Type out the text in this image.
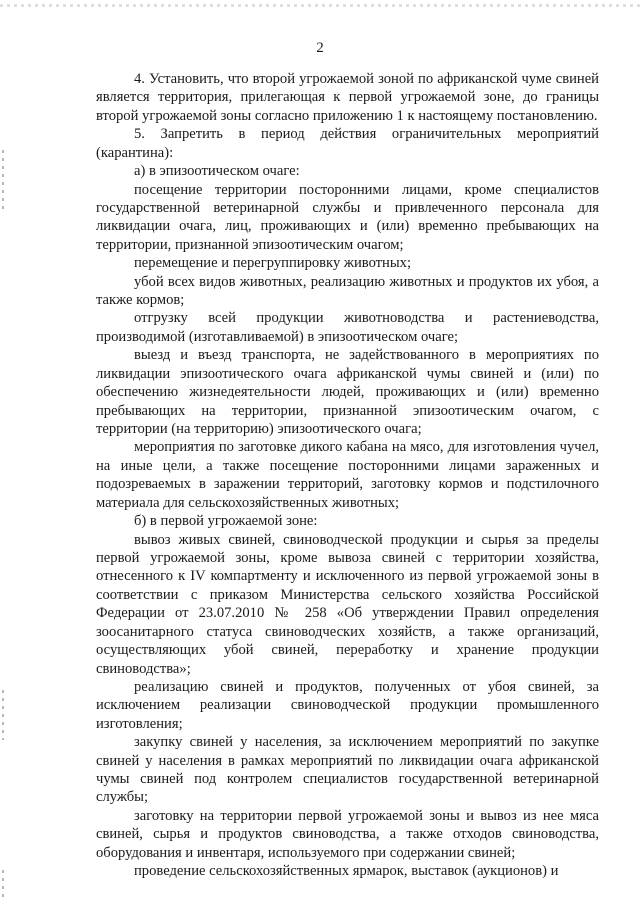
2

4. Установить, что второй угрожаемой зоной по африканской чуме свиней является территория, прилегающая к первой угрожаемой зоне, до границы второй угрожаемой зоны согласно приложению 1 к настоящему постановлению.

5. Запретить в период действия ограничительных мероприятий (карантина):

а) в эпизоотическом очаге:

посещение территории посторонними лицами, кроме специалистов государственной ветеринарной службы и привлеченного персонала для ликвидации очага, лиц, проживающих и (или) временно пребывающих на территории, признанной эпизоотическим очагом;

перемещение и перегруппировку животных;

убой всех видов животных, реализацию животных и продуктов их убоя, а также кормов;

отгрузку всей продукции животноводства и растениеводства, производимой (изготавливаемой) в эпизоотическом очаге;

выезд и въезд транспорта, не задействованного в мероприятиях по ликвидации эпизоотического очага африканской чумы свиней и (или) по обеспечению жизнедеятельности людей, проживающих и (или) временно пребывающих на территории, признанной эпизоотическим очагом, с территории (на территорию) эпизоотического очага;

мероприятия по заготовке дикого кабана на мясо, для изготовления чучел, на иные цели, а также посещение посторонними лицами зараженных и подозреваемых в заражении территорий, заготовку кормов и подстилочного материала для сельскохозяйственных животных;

б) в первой угрожаемой зоне:

вывоз живых свиней, свиноводческой продукции и сырья за пределы первой угрожаемой зоны, кроме вывоза свиней с территории хозяйства, отнесенного к IV компартменту и исключенного из первой угрожаемой зоны в соответствии с приказом Министерства сельского хозяйства Российской Федерации от 23.07.2010 № 258 «Об утверждении Правил определения зоосанитарного статуса свиноводческих хозяйств, а также организаций, осуществляющих убой свиней, переработку и хранение продукции свиноводства»;

реализацию свиней и продуктов, полученных от убоя свиней, за исключением реализации свиноводческой продукции промышленного изготовления;

закупку свиней у населения, за исключением мероприятий по закупке свиней у населения в рамках мероприятий по ликвидации очага африканской чумы свиней под контролем специалистов государственной ветеринарной службы;

заготовку на территории первой угрожаемой зоны и вывоз из нее мяса свиней, сырья и продуктов свиноводства, а также отходов свиноводства, оборудования и инвентаря, используемого при содержании свиней;

проведение сельскохозяйственных ярмарок, выставок (аукционов) и
